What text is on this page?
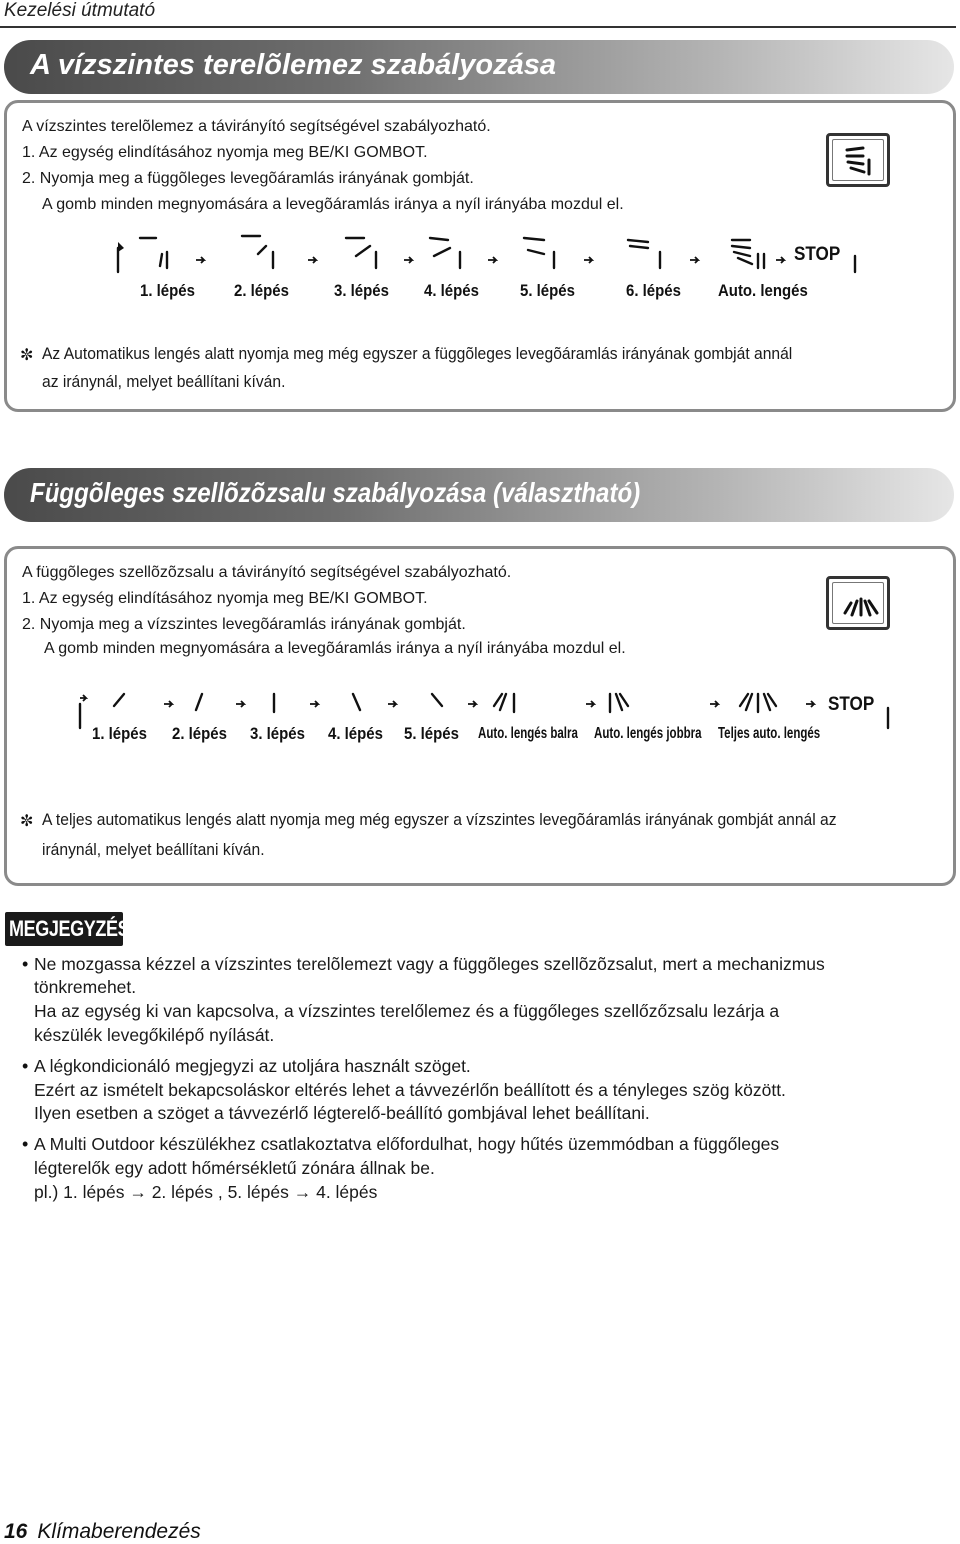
Kezelési útmutató
A vízszintes terelõlemez szabályozása
A vízszintes terelõlemez a távirányító segítségével szabályozható.
1. Az egység elindításához nyomja meg BE/KI GOMBOT.
2. Nyomja meg a függõleges levegõáramlás irányának gombját.
A gomb minden megnyomására a levegõáramlás iránya a nyíl irányába mozdul el.
STOP
1. lépés 2. lépés	3. lépés 4. lépés 5. lépés	6. lépés Auto. lengés
✼ Az Automatikus lengés alatt nyomja meg még egyszer a függõleges levegõáramlás irányának gombját annál
az iránynál, melyet beállítani kíván.
Függõleges szellõzõzsalu szabályozása (választható)
A függõleges szellõzõzsalu a távirányító segítségével szabályozható.
1. Az egység elindításához nyomja meg BE/KI GOMBOT.
2. Nyomja meg a vízszintes levegõáramlás irányának gombját.
A gomb minden megnyomására a levegõáramlás iránya a nyíl irányába mozdul el.
STOP
1. lépés 2. lépés 3. lépés 4. lépés 5. lépés Auto. lengés balra Auto. lengés jobbra Teljes auto. lengés
✼ A teljes automatikus lengés alatt nyomja meg még egyszer a vízszintes levegõáramlás irányának gombját annál az
iránynál, melyet beállítani kíván.
MEGJEGYZÉS
• Ne mozgassa kézzel a vízszintes terelõlemezt vagy a függõleges szellõzõzsalut, mert a mechanizmus
tönkremehet.
Ha az egység ki van kapcsolva, a vízszintes terelőlemez és a függőleges szellőzőzsalu lezárja a
készülék levegőkilépő nyílását.
• A légkondicionáló megjegyzi az utoljára használt szöget.
Ezért az ismételt bekapcsoláskor eltérés lehet a távvezérlőn beállított és a tényleges szög között.
Ilyen esetben a szöget a távvezérlő légterelő-beállító gombjával lehet beállítani.
• A Multi Outdoor készülékhez csatlakoztatva előfordulhat, hogy hűtés üzemmódban a függőleges
légterelők egy adott hőmérsékletű zónára állnak be.
pl.) 1. lépés → 2. lépés , 5. lépés → 4. lépés
16 Klímaberendezés
